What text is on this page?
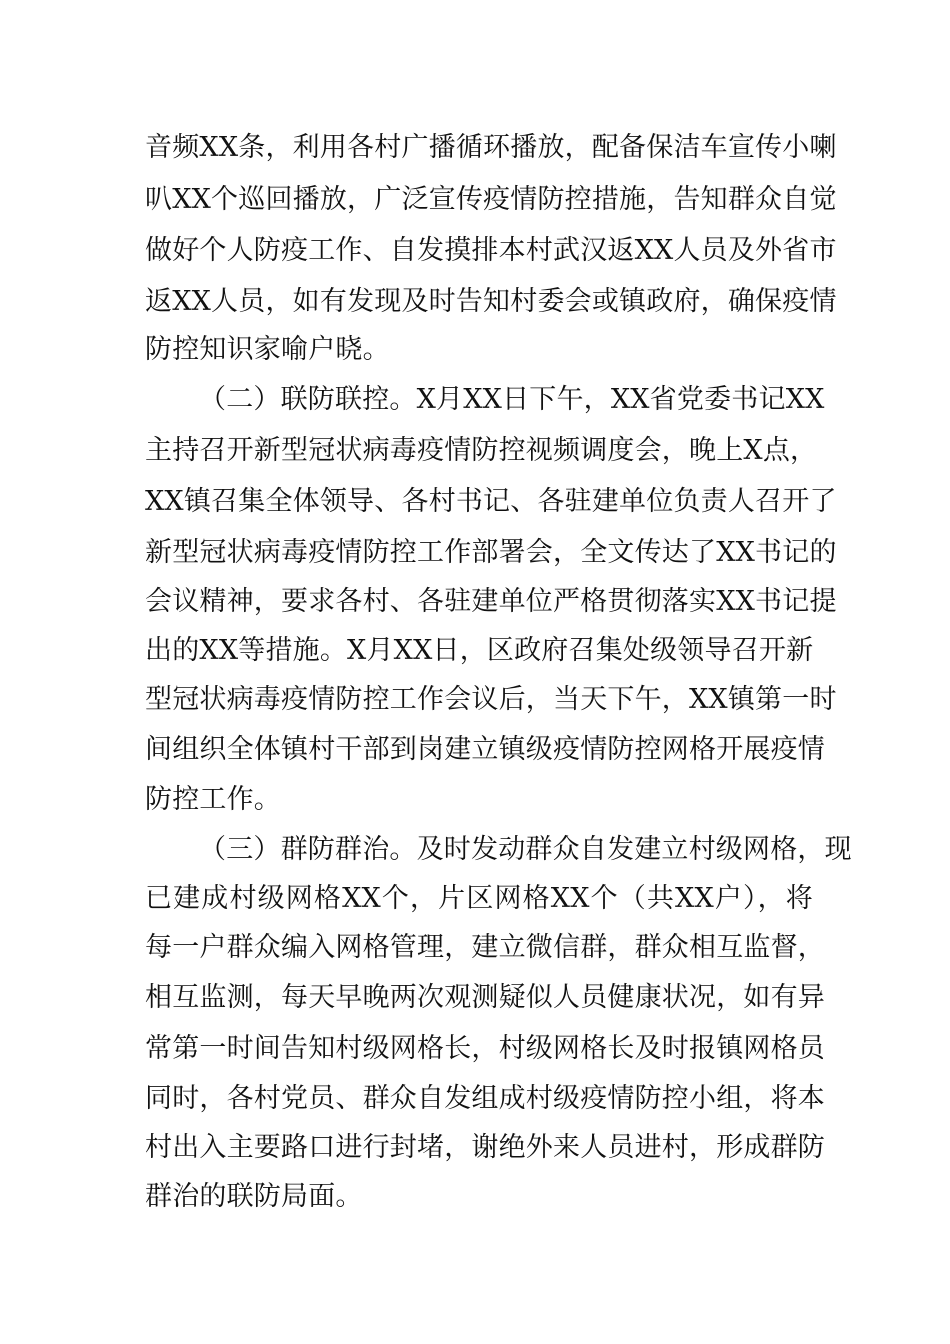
音频XX条，利用各村广播循环播放，配备保洁车宣传小喇
叭XX个巡回播放，广泛宣传疫情防控措施，告知群众自觉
做好个人防疫工作、自发摸排本村武汉返XX人员及外省市
返XX人员，如有发现及时告知村委会或镇政府，确保疫情
防控知识家喻户晓。
（二）联防联控。X月XX日下午，XX省党委书记XX
主持召开新型冠状病毒疫情防控视频调度会，晚上X点，
XX镇召集全体领导、各村书记、各驻建单位负责人召开了
新型冠状病毒疫情防控工作部署会，全文传达了XX书记的
会议精神，要求各村、各驻建单位严格贯彻落实XX书记提
出的XX等措施。X月XX日，区政府召集处级领导召开新
型冠状病毒疫情防控工作会议后，当天下午，XX镇第一时
间组织全体镇村干部到岗建立镇级疫情防控网格开展疫情
防控工作。
（三）群防群治。及时发动群众自发建立村级网格，现
已建成村级网格XX个，片区网格XX个（共XX户），将
每一户群众编入网格管理，建立微信群，群众相互监督，
相互监测，每天早晚两次观测疑似人员健康状况，如有异
常第一时间告知村级网格长，村级网格长及时报镇网格员
同时，各村党员、群众自发组成村级疫情防控小组，将本
村出入主要路口进行封堵，谢绝外来人员进村，形成群防
群治的联防局面。
